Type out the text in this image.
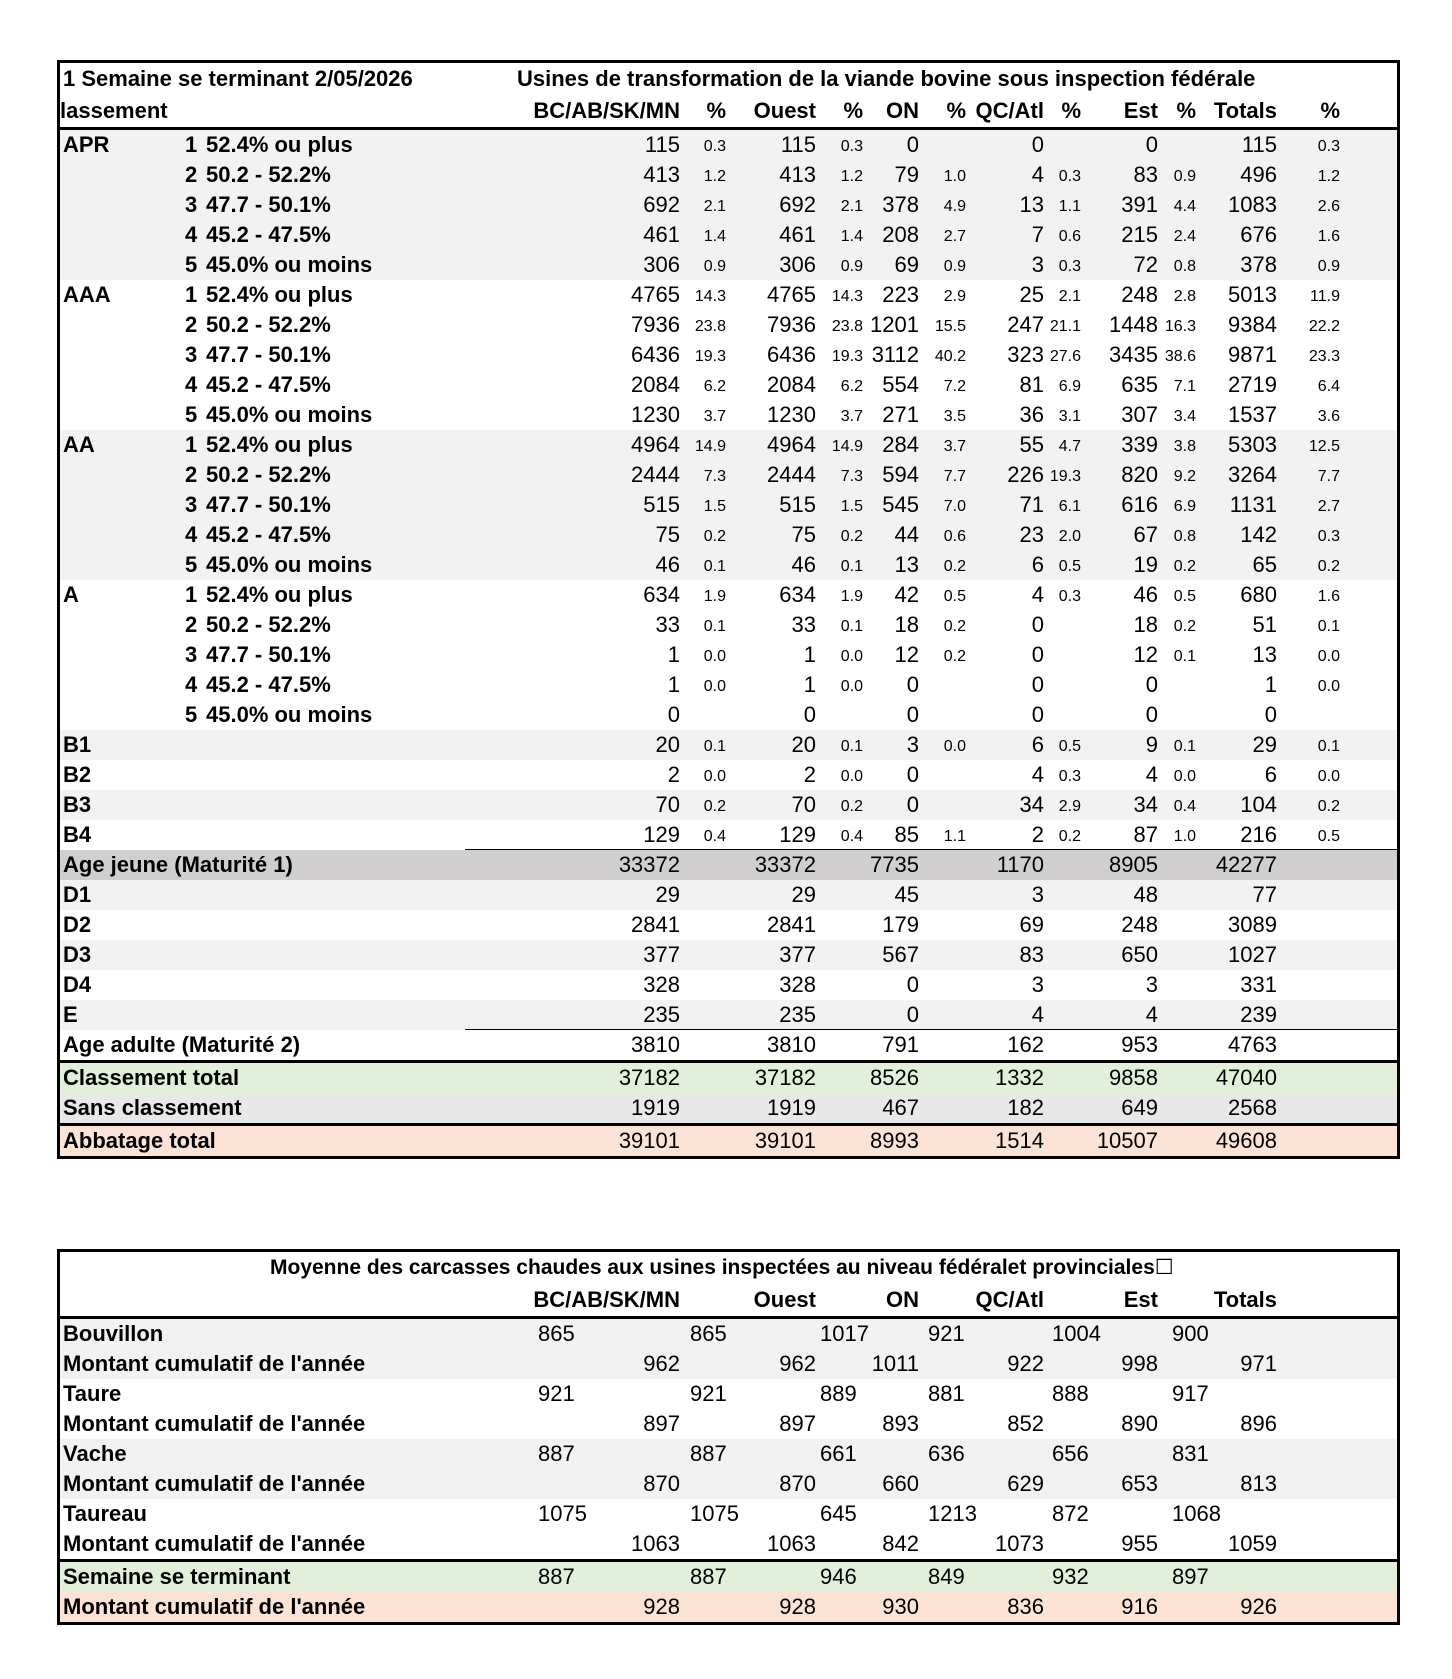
1 Semaine se terminant 2/05/2026	Usines de transformation de la viande bovine sous inspection fédérale
lassement	BC/AB/SK/MN % Ouest % ON % QC/Atl % Est % Totals %
APR	1 52.4% ou plus	115 0.3 115 0.3 0	0	0	115	0.3
2 50.2 - 52.2%	413 1.2 413 1.2 79 1.0	4 0.3 83 0.9 496	1.2
3 47.7 - 50.1%	692 2.1 692 2.1 378 4.9 13 1.1 391 4.4 1083	2.6
4 45.2 - 47.5%	461 1.4 461 1.4 208 2.7	7 0.6 215 2.4 676	1.6
5 45.0% ou moins	306 0.9 306 0.9 69 0.9	3 0.3 72 0.8 378	0.9
AAA	1 52.4% ou plus	4765 14.3 4765 14.3 223 2.9 25 2.1 248 2.8 5013 11.9
2 50.2 - 52.2%	7936 23.8 7936 23.8 1201 15.5 247 21.1 1448 16.3 9384 22.2
3 47.7 - 50.1%	6436 19.3 6436 19.3 3112 40.2 323 27.6 3435 38.6 9871 23.3
4 45.2 - 47.5%	2084 6.2 2084 6.2 554 7.2 81 6.9 635 7.1 2719	6.4
5 45.0% ou moins	1230 3.7 1230 3.7 271 3.5 36 3.1 307 3.4 1537	3.6
AA	1 52.4% ou plus	4964 14.9 4964 14.9 284 3.7 55 4.7 339 3.8 5303 12.5
2 50.2 - 52.2%	2444 7.3 2444 7.3 594 7.7 226 19.3 820 9.2 3264	7.7
3 47.7 - 50.1%	515 1.5 515 1.5 545 7.0 71 6.1 616 6.9 1131	2.7
4 45.2 - 47.5%	75 0.2	75 0.2 44 0.6 23 2.0 67 0.8 142	0.3
5 45.0% ou moins	46 0.1	46 0.1 13 0.2	6 0.5 19 0.2	65	0.2
A	1 52.4% ou plus	634 1.9 634 1.9 42 0.5	4 0.3 46 0.5 680	1.6
2 50.2 - 52.2%	33 0.1	33 0.1 18 0.2	0	18 0.2	51	0.1
3 47.7 - 50.1%	1 0.0	1 0.0 12 0.2	0	12 0.1	13	0.0
4 45.2 - 47.5%	1 0.0	1 0.0 0	0	0	1	0.0
5 45.0% ou moins	0	0	0	0	0	0
B1	20 0.1	20 0.1 3 0.0	6 0.5	9 0.1	29	0.1
B2	2 0.0	2 0.0 0	4 0.3	4 0.0	6	0.0
B3	70 0.2	70 0.2 0	34 2.9 34 0.4 104	0.2
B4	129 0.4 129 0.4 85 1.1	2 0.2 87 1.0 216	0.5
Age jeune (Maturité 1)	33372	33372 7735	1170	8905	42277
D1	29	29	45	3	48	77
D2	2841	2841	179	69	248	3089
D3	377	377	567	83	650	1027
D4	328	328	0	3	3	331
E	235	235	0	4	4	239
Age adulte (Maturité 2)	3810	3810	791	162	953	4763
Classement total	37182	37182 8526	1332	9858	47040
Sans classement	1919	1919	467	182	649	2568
Abbatage total	39101	39101 8993	1514 10507	49608
Moyenne des carcasses chaudes aux usines inspectées au niveau fédéralet provinciales☐
BC/AB/SK/MN	Ouest	ON	QC/Atl	Est	Totals
Bouvillon	865	865	1017	921	1004	900
Montant cumulatif de l'année	962	962	1011	922	998	971
Taure	921	921	889	881	888	917
Montant cumulatif de l'année	897	897	893	852	890	896
Vache	887	887	661	636	656	831
Montant cumulatif de l'année	870	870	660	629	653	813
Taureau	1075	1075	645	1213	872	1068
Montant cumulatif de l'année	1063	1063	842	1073	955	1059
Semaine se terminant	887	887	946	849	932	897
Montant cumulatif de l'année	928	928	930	836	916	926
